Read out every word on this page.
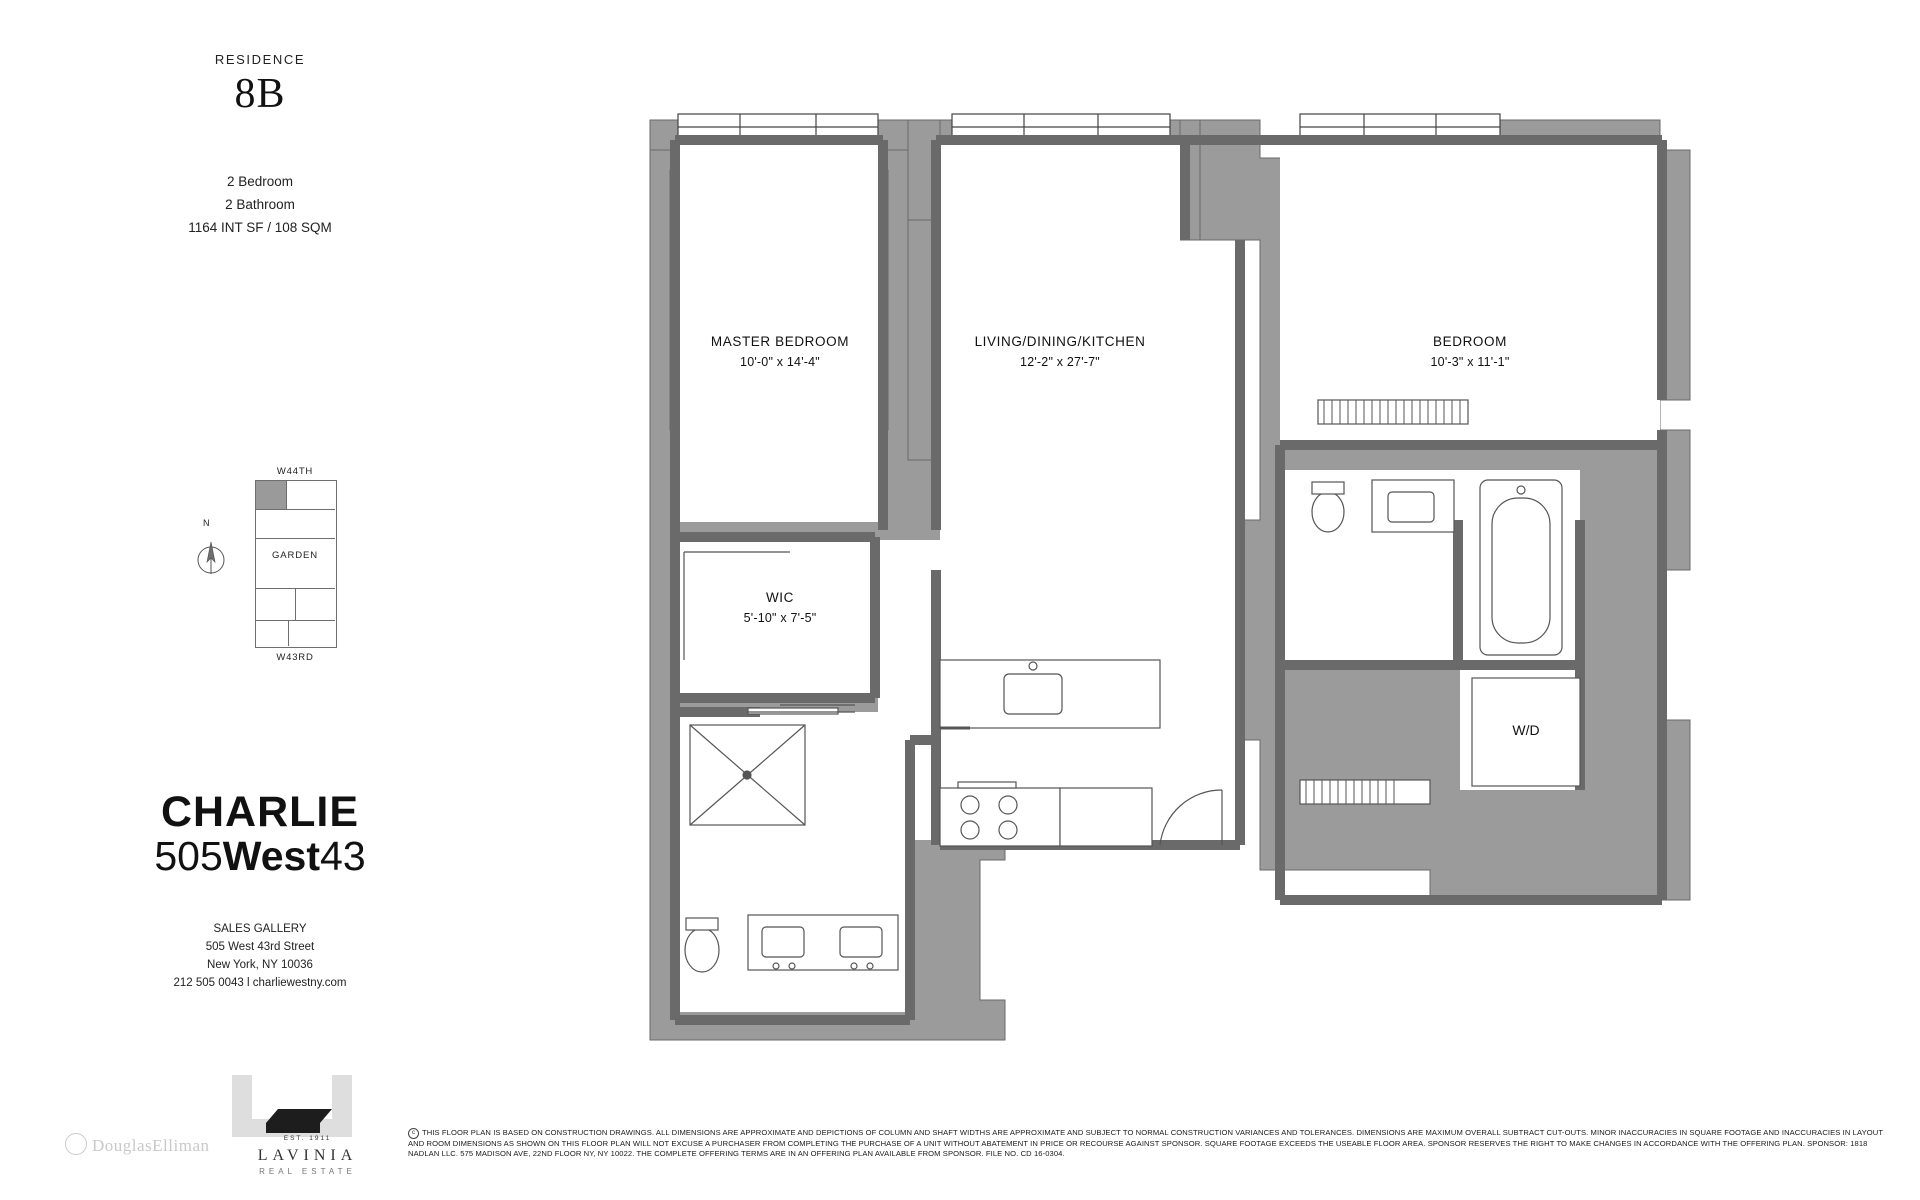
RESIDENCE
8B
2 Bedroom
2 Bathroom
1164 INT SF / 108 SQM
W44TH
W43RD
GARDEN
N
CHARLIE
505West43
SALES GALLERY
505 West 43rd Street
New York, NY 10036
212 505 0043 l charliewestny.com
DouglasElliman	EST. 1911
LAVINIA
REAL ESTATE
c THIS FLOOR PLAN IS BASED ON CONSTRUCTION DRAWINGS. ALL DIMENSIONS ARE APPROXIMATE AND DEPICTIONS OF COLUMN AND SHAFT WIDTHS ARE APPROXIMATE AND SUBJECT TO NORMAL CONSTRUCTION VARIANCES AND TOLERANCES. DIMENSIONS ARE MAXIMUM OVERALL SUBTRACT CUT-OUTS. MINOR INACCURACIES IN SQUARE FOOTAGE AND INACCURACIES IN LAYOUT AND ROOM DIMENSIONS AS SHOWN ON THIS FLOOR PLAN WILL NOT EXCUSE A PURCHASER FROM COMPLETING THE PURCHASE OF A UNIT WITHOUT ABATEMENT IN PRICE OR RECOURSE AGAINST SPONSOR. SQUARE FOOTAGE EXCEEDS THE USEABLE FLOOR AREA. SPONSOR RESERVES THE RIGHT TO MAKE CHANGES IN ACCORDANCE WITH THE OFFERING PLAN. SPONSOR: 1818 NADLAN LLC. 575 MADISON AVE, 22ND FLOOR NY, NY 10022. THE COMPLETE OFFERING TERMS ARE IN AN OFFERING PLAN AVAILABLE FROM SPONSOR. FILE NO. CD 16-0304.
W/D
MASTER BEDROOM
10'-0" x 14'-4"
LIVING/DINING/KITCHEN
12'-2" x 27'-7"
BEDROOM
10'-3" x 11'-1"
WIC
5'-10" x 7'-5"
